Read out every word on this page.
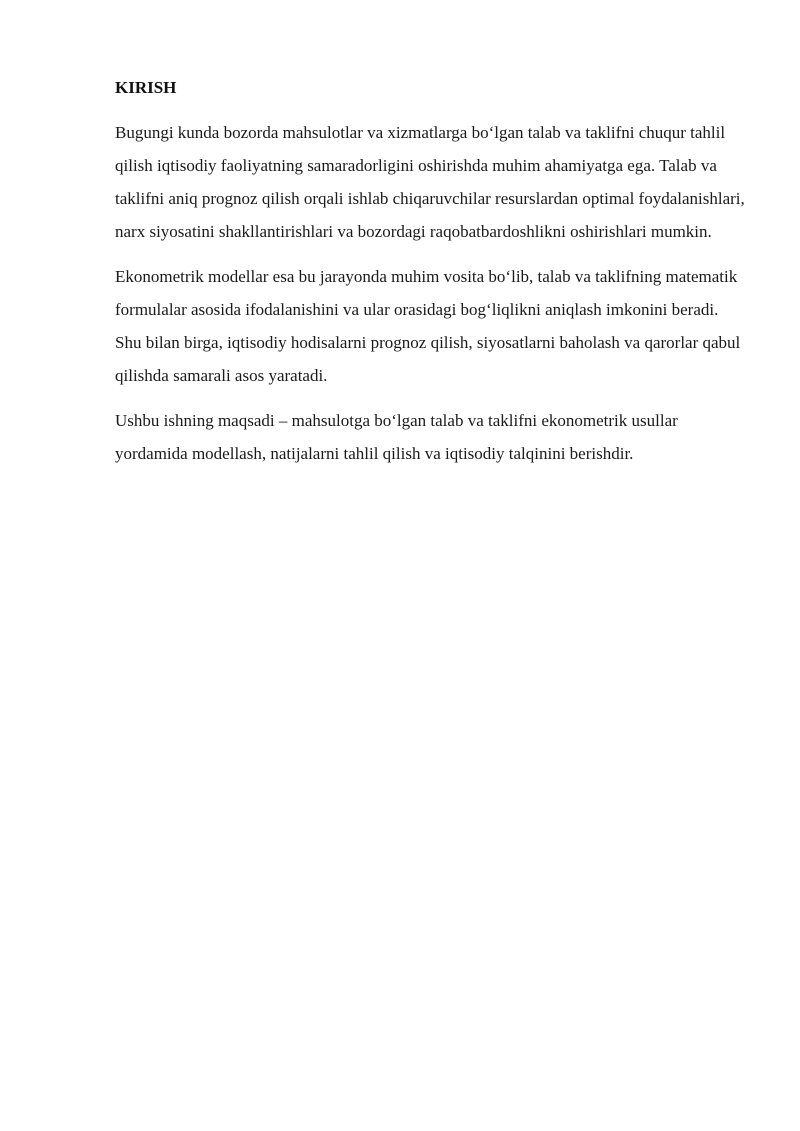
KIRISH

Bugungi kunda bozorda mahsulotlar va xizmatlarga bo‘lgan talab va taklifni chuqur tahlil qilish iqtisodiy faoliyatning samaradorligini oshirishda muhim ahamiyatga ega. Talab va taklifni aniq prognoz qilish orqali ishlab chiqaruvchilar resurslardan optimal foydalanishlari, narx siyosatini shakllantirishlari va bozordagi raqobatbardoshlikni oshirishlari mumkin.

Ekonometrik modellar esa bu jarayonda muhim vosita bo‘lib, talab va taklifning matematik formulalar asosida ifodalanishini va ular orasidagi bog‘liqlikni aniqlash imkonini beradi. Shu bilan birga, iqtisodiy hodisalarni prognoz qilish, siyosatlarni baholash va qarorlar qabul qilishda samarali asos yaratadi.

Ushbu ishning maqsadi – mahsulotga bo‘lgan talab va taklifni ekonometrik usullar yordamida modellash, natijalarni tahlil qilish va iqtisodiy talqinini berishdir.
